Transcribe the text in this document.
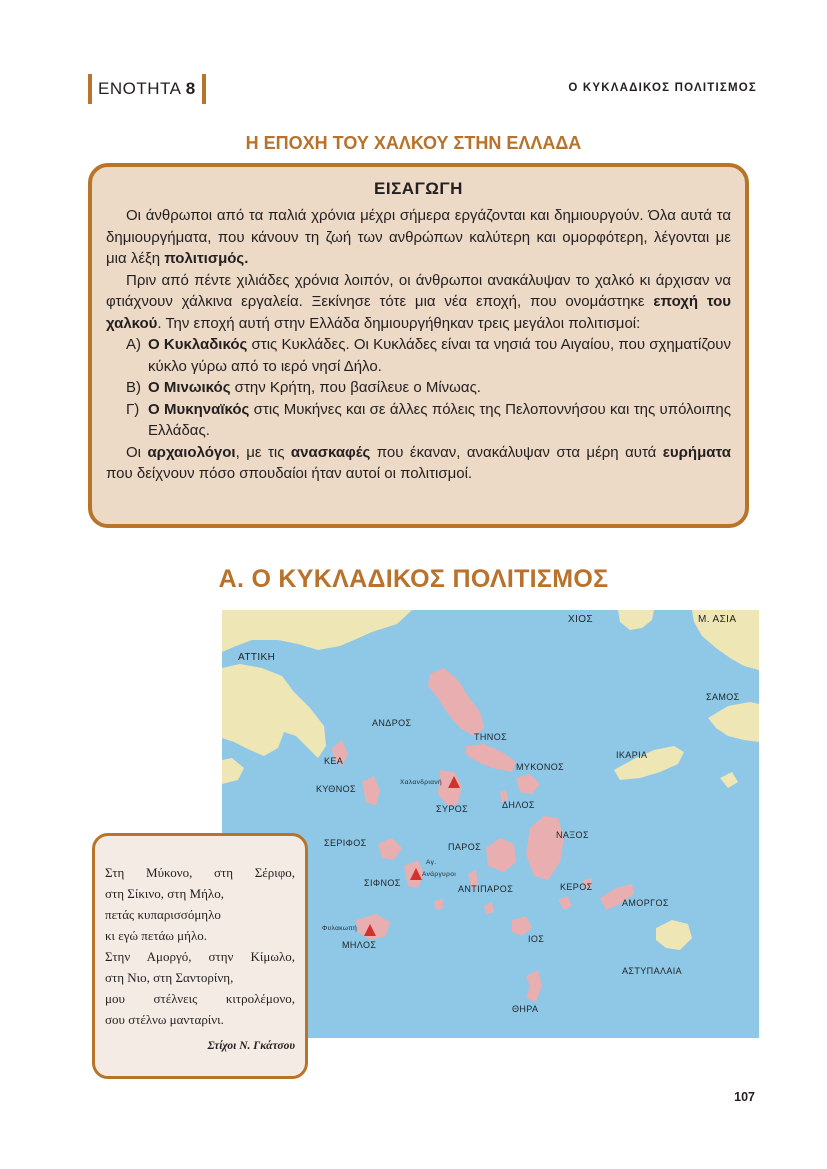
ΕΝΟΤΗΤΑ 8	Ο ΚΥΚΛΑΔΙΚΟΣ ΠΟΛΙΤΙΣΜΟΣ
Η ΕΠΟΧΗ ΤΟΥ ΧΑΛΚΟΥ ΣΤΗΝ ΕΛΛΑΔΑ
ΕΙΣΑΓΩΓΗ

Οι άνθρωποι από τα παλιά χρόνια μέχρι σήμερα εργάζονται και δημιουργούν. Όλα αυτά τα δημιουργήματα, που κάνουν τη ζωή των ανθρώπων καλύτερη και ομορφότερη, λέγονται με μια λέξη πολιτισμός.

Πριν από πέντε χιλιάδες χρόνια λοιπόν, οι άνθρωποι ανακάλυψαν το χαλκό κι άρχισαν να φτιάχνουν χάλκινα εργαλεία. Ξεκίνησε τότε μια νέα εποχή, που ονομάστηκε εποχή του χαλκού. Την εποχή αυτή στην Ελλάδα δημιουργήθηκαν τρεις μεγάλοι πολιτισμοί:

Α) Ο Κυκλαδικός στις Κυκλάδες. Οι Κυκλάδες είναι τα νησιά του Αιγαίου, που σχηματίζουν κύκλο γύρω από το ιερό νησί Δήλο.
Β) Ο Μινωικός στην Κρήτη, που βασίλευε ο Μίνωας.
Γ) Ο Μυκηναϊκός στις Μυκήνες και σε άλλες πόλεις της Πελοποννήσου και της υπόλοιπης Ελλάδας.

Οι αρχαιολόγοι, με τις ανασκαφές που έκαναν, ανακάλυψαν στα μέρη αυτά ευρήματα που δείχνουν πόσο σπουδαίοι ήταν αυτοί οι πολιτισμοί.

Α. Ο ΚΥΚΛΑΔΙΚΟΣ ΠΟΛΙΤΙΣΜΟΣ
ΧΙΟΣ	Μ. ΑΣΙΑ
ΑΤΤΙΚΗ
ΣΑΜΟΣ
ΑΝΔΡΟΣ
ΤΗΝΟΣ
ΙΚΑΡΙΑ
ΚΕΑ
ΜΥΚΟΝΟΣ
Χαλανδριανή
ΚΥΘΝΟΣ
ΣΥΡΟΣ	ΔΗΛΟΣ
ΝΑΞΟΣ
ΣΕΡΙΦΟΣ	ΠΑΡΟΣ
Αγ.
Ανάργυροι
ΣΙΦΝΟΣ
ΑΝΤΙΠΑΡΟΣ	ΚΕΡΟΣ
ΑΜΟΡΓΟΣ
Φυλακωπή
ΜΗΛΟΣ
ΙΟΣ
ΑΣΤΥΠΑΛΑΙΑ
ΘΗΡΑ
Στη Μύκονο, στη Σέριφο,
στη Σίκινο, στη Μήλο,
πετάς κυπαρισσόμηλο
κι εγώ πετάω μήλο.
Στην Αμοργό, στην Κίμωλο,
στη Νιο, στη Σαντορίνη,
μου στέλνεις κιτρολέμονο,
σου στέλνω μανταρίνι.
Στίχοι Ν. Γκάτσου
107
